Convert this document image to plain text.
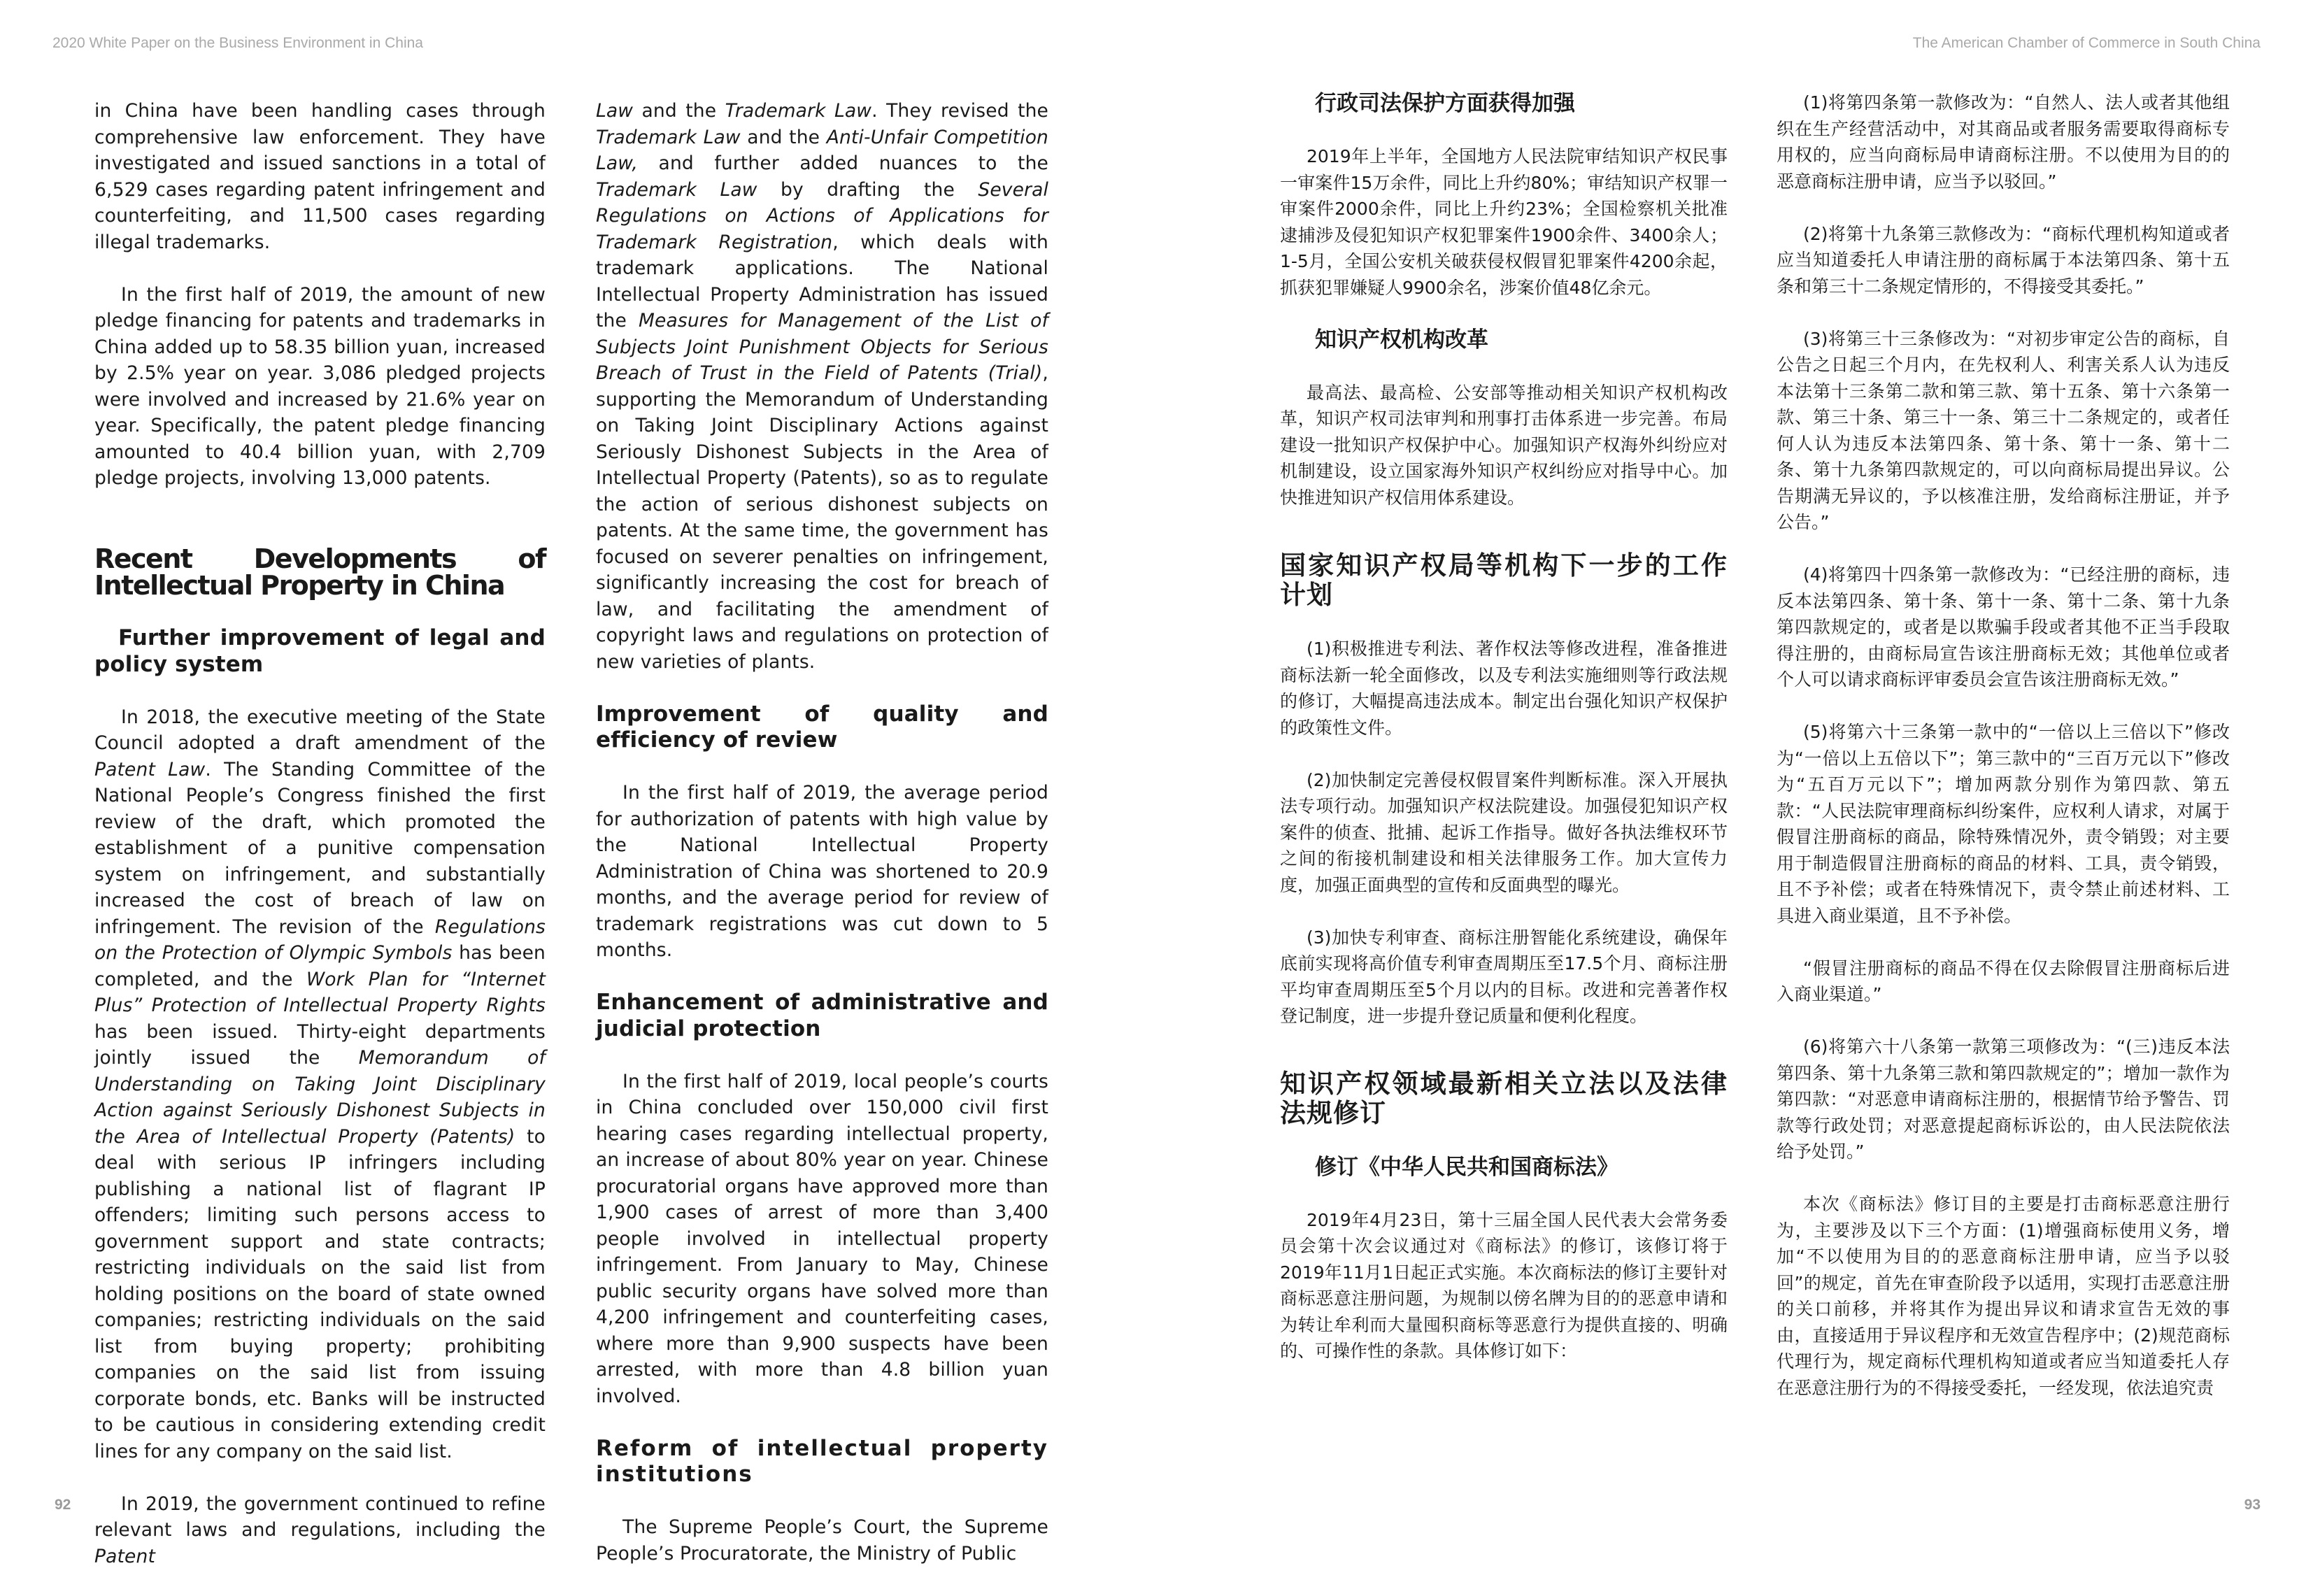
2020 White Paper on the Business Environment in China	The American Chamber of Commerce in South China

in China have been handling cases through comprehensive law enforcement. They have investigated and issued sanctions in a total of 6,529 cases regarding patent infringement and counterfeiting, and 11,500 cases regarding illegal trademarks.

In the first half of 2019, the amount of new pledge financing for patents and trademarks in China added up to 58.35 billion yuan, increased by 2.5% year on year. 3,086 pledged projects were involved and increased by 21.6% year on year. Specifically, the patent pledge financing amounted to 40.4 billion yuan, with 2,709 pledge projects, involving 13,000 patents.

Recent Developments of Intellectual Property in China
Further improvement of legal and policy system

In 2018, the executive meeting of the State Council adopted a draft amendment of the Patent Law. The Standing Committee of the National People’s Congress finished the first review of the draft, which promoted the establishment of a punitive compensation system on infringement, and substantially increased the cost of breach of law on infringement. The revision of the Regulations on the Protection of Olympic Symbols has been completed, and the Work Plan for “Internet Plus” Protection of Intellectual Property Rights has been issued. Thirty-eight departments jointly issued the Memorandum of Understanding on Taking Joint Disciplinary Action against Seriously Dishonest Subjects in the Area of Intellectual Property (Patents) to deal with serious IP infringers including publishing a national list of flagrant IP offenders; limiting such persons access to government support and state contracts; restricting individuals on the said list from holding positions on the board of state owned companies; restricting individuals on the said list from buying property; prohibiting companies on the said list from issuing corporate bonds, etc. Banks will be instructed to be cautious in considering extending credit lines for any company on the said list.

In 2019, the government continued to refine relevant laws and regulations, including the Patent

Law and the Trademark Law. They revised the Trademark Law and the Anti-Unfair Competition Law, and further added nuances to the Trademark Law by drafting the Several Regulations on Actions of Applications for Trademark Registration, which deals with trademark applications. The National Intellectual Property Administration has issued the Measures for Management of the List of Subjects Joint Punishment Objects for Serious Breach of Trust in the Field of Patents (Trial), supporting the Memorandum of Understanding on Taking Joint Disciplinary Actions against Seriously Dishonest Subjects in the Area of Intellectual Property (Patents), so as to regulate the action of serious dishonest subjects on patents. At the same time, the government has focused on severer penalties on infringement, significantly increasing the cost for breach of law, and facilitating the amendment of copyright laws and regulations on protection of new varieties of plants.

Improvement of quality and efficiency of review

In the first half of 2019, the average period for authorization of patents with high value by the National Intellectual Property Administration of China was shortened to 20.9 months, and the average period for review of trademark registrations was cut down to 5 months.

Enhancement of administrative and judicial protection

In the first half of 2019, local people’s courts in China concluded over 150,000 civil first hearing cases regarding intellectual property, an increase of about 80% year on year. Chinese procuratorial organs have approved more than 1,900 cases of arrest of more than 3,400 people involved in intellectual property infringement. From January to May, Chinese public security organs have solved more than 4,200 infringement and counterfeiting cases, where more than 9,900 suspects have been arrested, with more than 4.8 billion yuan involved.

Reform of intellectual property institutions

The Supreme People’s Court, the Supreme People’s Procuratorate, the Ministry of Public

行政司法保护方面获得加强

2019年上半年，全国地方人民法院审结知识产权民事一审案件15万余件，同比上升约80%；审结知识产权罪一审案件2000余件，同比上升约23%；全国检察机关批准逮捕涉及侵犯知识产权犯罪案件1900余件、3400余人；1-5月，全国公安机关破获侵权假冒犯罪案件4200余起，抓获犯罪嫌疑人9900余名，涉案价值48亿余元。

知识产权机构改革

最高法、最高检、公安部等推动相关知识产权机构改革，知识产权司法审判和刑事打击体系进一步完善。布局建设一批知识产权保护中心。加强知识产权海外纠纷应对机制建设，设立国家海外知识产权纠纷应对指导中心。加快推进知识产权信用体系建设。

国家知识产权局等机构下一步的工作计划

(1)积极推进专利法、著作权法等修改进程，准备推进商标法新一轮全面修改，以及专利法实施细则等行政法规的修订，大幅提高违法成本。制定出台强化知识产权保护的政策性文件。

(2)加快制定完善侵权假冒案件判断标准。深入开展执法专项行动。加强知识产权法院建设。加强侵犯知识产权案件的侦查、批捕、起诉工作指导。做好各执法维权环节之间的衔接机制建设和相关法律服务工作。加大宣传力度，加强正面典型的宣传和反面典型的曝光。

(3)加快专利审查、商标注册智能化系统建设，确保年底前实现将高价值专利审查周期压至17.5个月、商标注册平均审查周期压至5个月以内的目标。改进和完善著作权登记制度，进一步提升登记质量和便利化程度。

知识产权领域最新相关立法以及法律法规修订
修订《中华人民共和国商标法》

2019年4月23日，第十三届全国人民代表大会常务委员会第十次会议通过对《商标法》的修订，该修订将于2019年11月1日起正式实施。本次商标法的修订主要针对商标恶意注册问题，为规制以傍名牌为目的的恶意申请和为转让牟利而大量囤积商标等恶意行为提供直接的、明确的、可操作性的条款。具体修订如下：

(1)将第四条第一款修改为：“自然人、法人或者其他组织在生产经营活动中，对其商品或者服务需要取得商标专用权的，应当向商标局申请商标注册。不以使用为目的的恶意商标注册申请，应当予以驳回。”

(2)将第十九条第三款修改为：“商标代理机构知道或者应当知道委托人申请注册的商标属于本法第四条、第十五条和第三十二条规定情形的，不得接受其委托。”

(3)将第三十三条修改为：“对初步审定公告的商标，自公告之日起三个月内，在先权利人、利害关系人认为违反本法第十三条第二款和第三款、第十五条、第十六条第一款、第三十条、第三十一条、第三十二条规定的，或者任何人认为违反本法第四条、第十条、第十一条、第十二条、第十九条第四款规定的，可以向商标局提出异议。公告期满无异议的，予以核准注册，发给商标注册证，并予公告。”

(4)将第四十四条第一款修改为：“已经注册的商标，违反本法第四条、第十条、第十一条、第十二条、第十九条第四款规定的，或者是以欺骗手段或者其他不正当手段取得注册的，由商标局宣告该注册商标无效；其他单位或者个人可以请求商标评审委员会宣告该注册商标无效。”

(5)将第六十三条第一款中的“一倍以上三倍以下”修改为“一倍以上五倍以下”；第三款中的“三百万元以下”修改为“五百万元以下”；增加两款分别作为第四款、第五款：“人民法院审理商标纠纷案件，应权利人请求，对属于假冒注册商标的商品，除特殊情况外，责令销毁；对主要用于制造假冒注册商标的商品的材料、工具，责令销毁，且不予补偿；或者在特殊情况下，责令禁止前述材料、工具进入商业渠道，且不予补偿。

“假冒注册商标的商品不得在仅去除假冒注册商标后进入商业渠道。”

(6)将第六十八条第一款第三项修改为：“(三)违反本法第四条、第十九条第三款和第四款规定的”；增加一款作为第四款：“对恶意申请商标注册的，根据情节给予警告、罚款等行政处罚；对恶意提起商标诉讼的，由人民法院依法给予处罚。”

本次《商标法》修订目的主要是打击商标恶意注册行为，主要涉及以下三个方面：(1)增强商标使用义务，增加“不以使用为目的的恶意商标注册申请，应当予以驳回”的规定，首先在审查阶段予以适用，实现打击恶意注册的关口前移，并将其作为提出异议和请求宣告无效的事由，直接适用于异议程序和无效宣告程序中；(2)规范商标代理行为，规定商标代理机构知道或者应当知道委托人存在恶意注册行为的不得接受委托，一经发现，依法追究责

92	93
